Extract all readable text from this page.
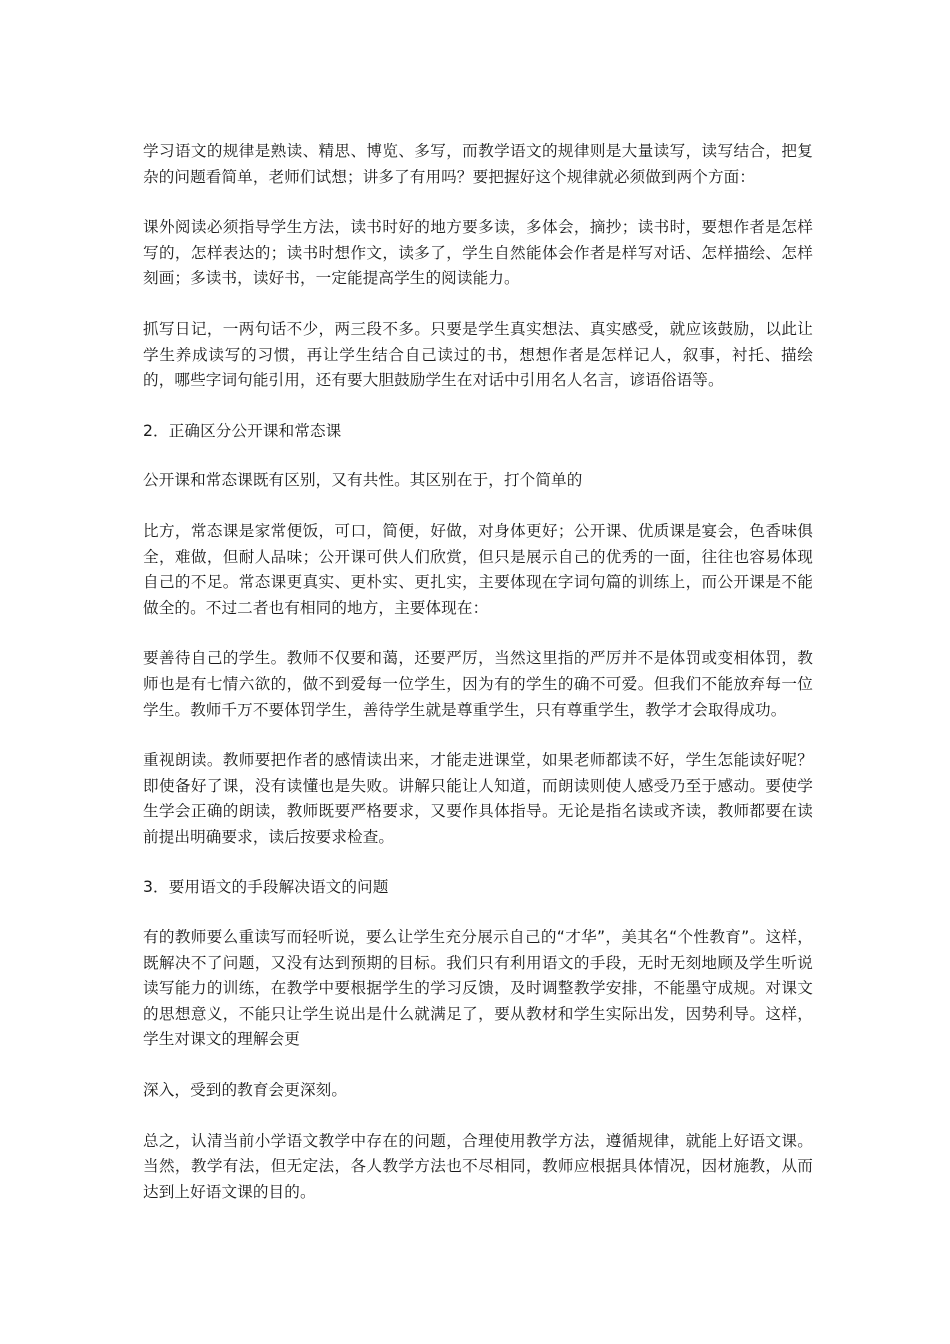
学习语文的规律是熟读、精思、博览、多写，而教学语文的规律则是大量读写，读写结合，把复杂的问题看简单，老师们试想；讲多了有用吗？要把握好这个规律就必须做到两个方面：

课外阅读必须指导学生方法，读书时好的地方要多读，多体会，摘抄；读书时，要想作者是怎样写的，怎样表达的；读书时想作文，读多了，学生自然能体会作者是样写对话、怎样描绘、怎样刻画；多读书，读好书，一定能提高学生的阅读能力。

抓写日记，一两句话不少，两三段不多。只要是学生真实想法、真实感受，就应该鼓励，以此让学生养成读写的习惯，再让学生结合自己读过的书，想想作者是怎样记人，叙事，衬托、描绘的，哪些字词句能引用，还有要大胆鼓励学生在对话中引用名人名言，谚语俗语等。

2．正确区分公开课和常态课

公开课和常态课既有区别，又有共性。其区别在于，打个简单的

比方，常态课是家常便饭，可口，简便，好做，对身体更好；公开课、优质课是宴会，色香味俱全，难做，但耐人品味；公开课可供人们欣赏，但只是展示自己的优秀的一面，往往也容易体现自己的不足。常态课更真实、更朴实、更扎实，主要体现在字词句篇的训练上，而公开课是不能做全的。不过二者也有相同的地方，主要体现在：

要善待自己的学生。教师不仅要和蔼，还要严厉，当然这里指的严厉并不是体罚或变相体罚，教师也是有七情六欲的，做不到爱每一位学生，因为有的学生的确不可爱。但我们不能放弃每一位学生。教师千万不要体罚学生，善待学生就是尊重学生，只有尊重学生，教学才会取得成功。

重视朗读。教师要把作者的感情读出来，才能走进课堂，如果老师都读不好，学生怎能读好呢？即使备好了课，没有读懂也是失败。讲解只能让人知道，而朗读则使人感受乃至于感动。要使学生学会正确的朗读，教师既要严格要求，又要作具体指导。无论是指名读或齐读，教师都要在读前提出明确要求，读后按要求检查。

3．要用语文的手段解决语文的问题

有的教师要么重读写而轻听说，要么让学生充分展示自己的“才华”，美其名“个性教育”。这样，既解决不了问题，又没有达到预期的目标。我们只有利用语文的手段，无时无刻地顾及学生听说读写能力的训练，在教学中要根据学生的学习反馈，及时调整教学安排，不能墨守成规。对课文的思想意义，不能只让学生说出是什么就满足了，要从教材和学生实际出发，因势利导。这样，学生对课文的理解会更

深入，受到的教育会更深刻。

总之，认清当前小学语文教学中存在的问题，合理使用教学方法，遵循规律，就能上好语文课。当然，教学有法，但无定法，各人教学方法也不尽相同，教师应根据具体情况，因材施教，从而达到上好语文课的目的。
